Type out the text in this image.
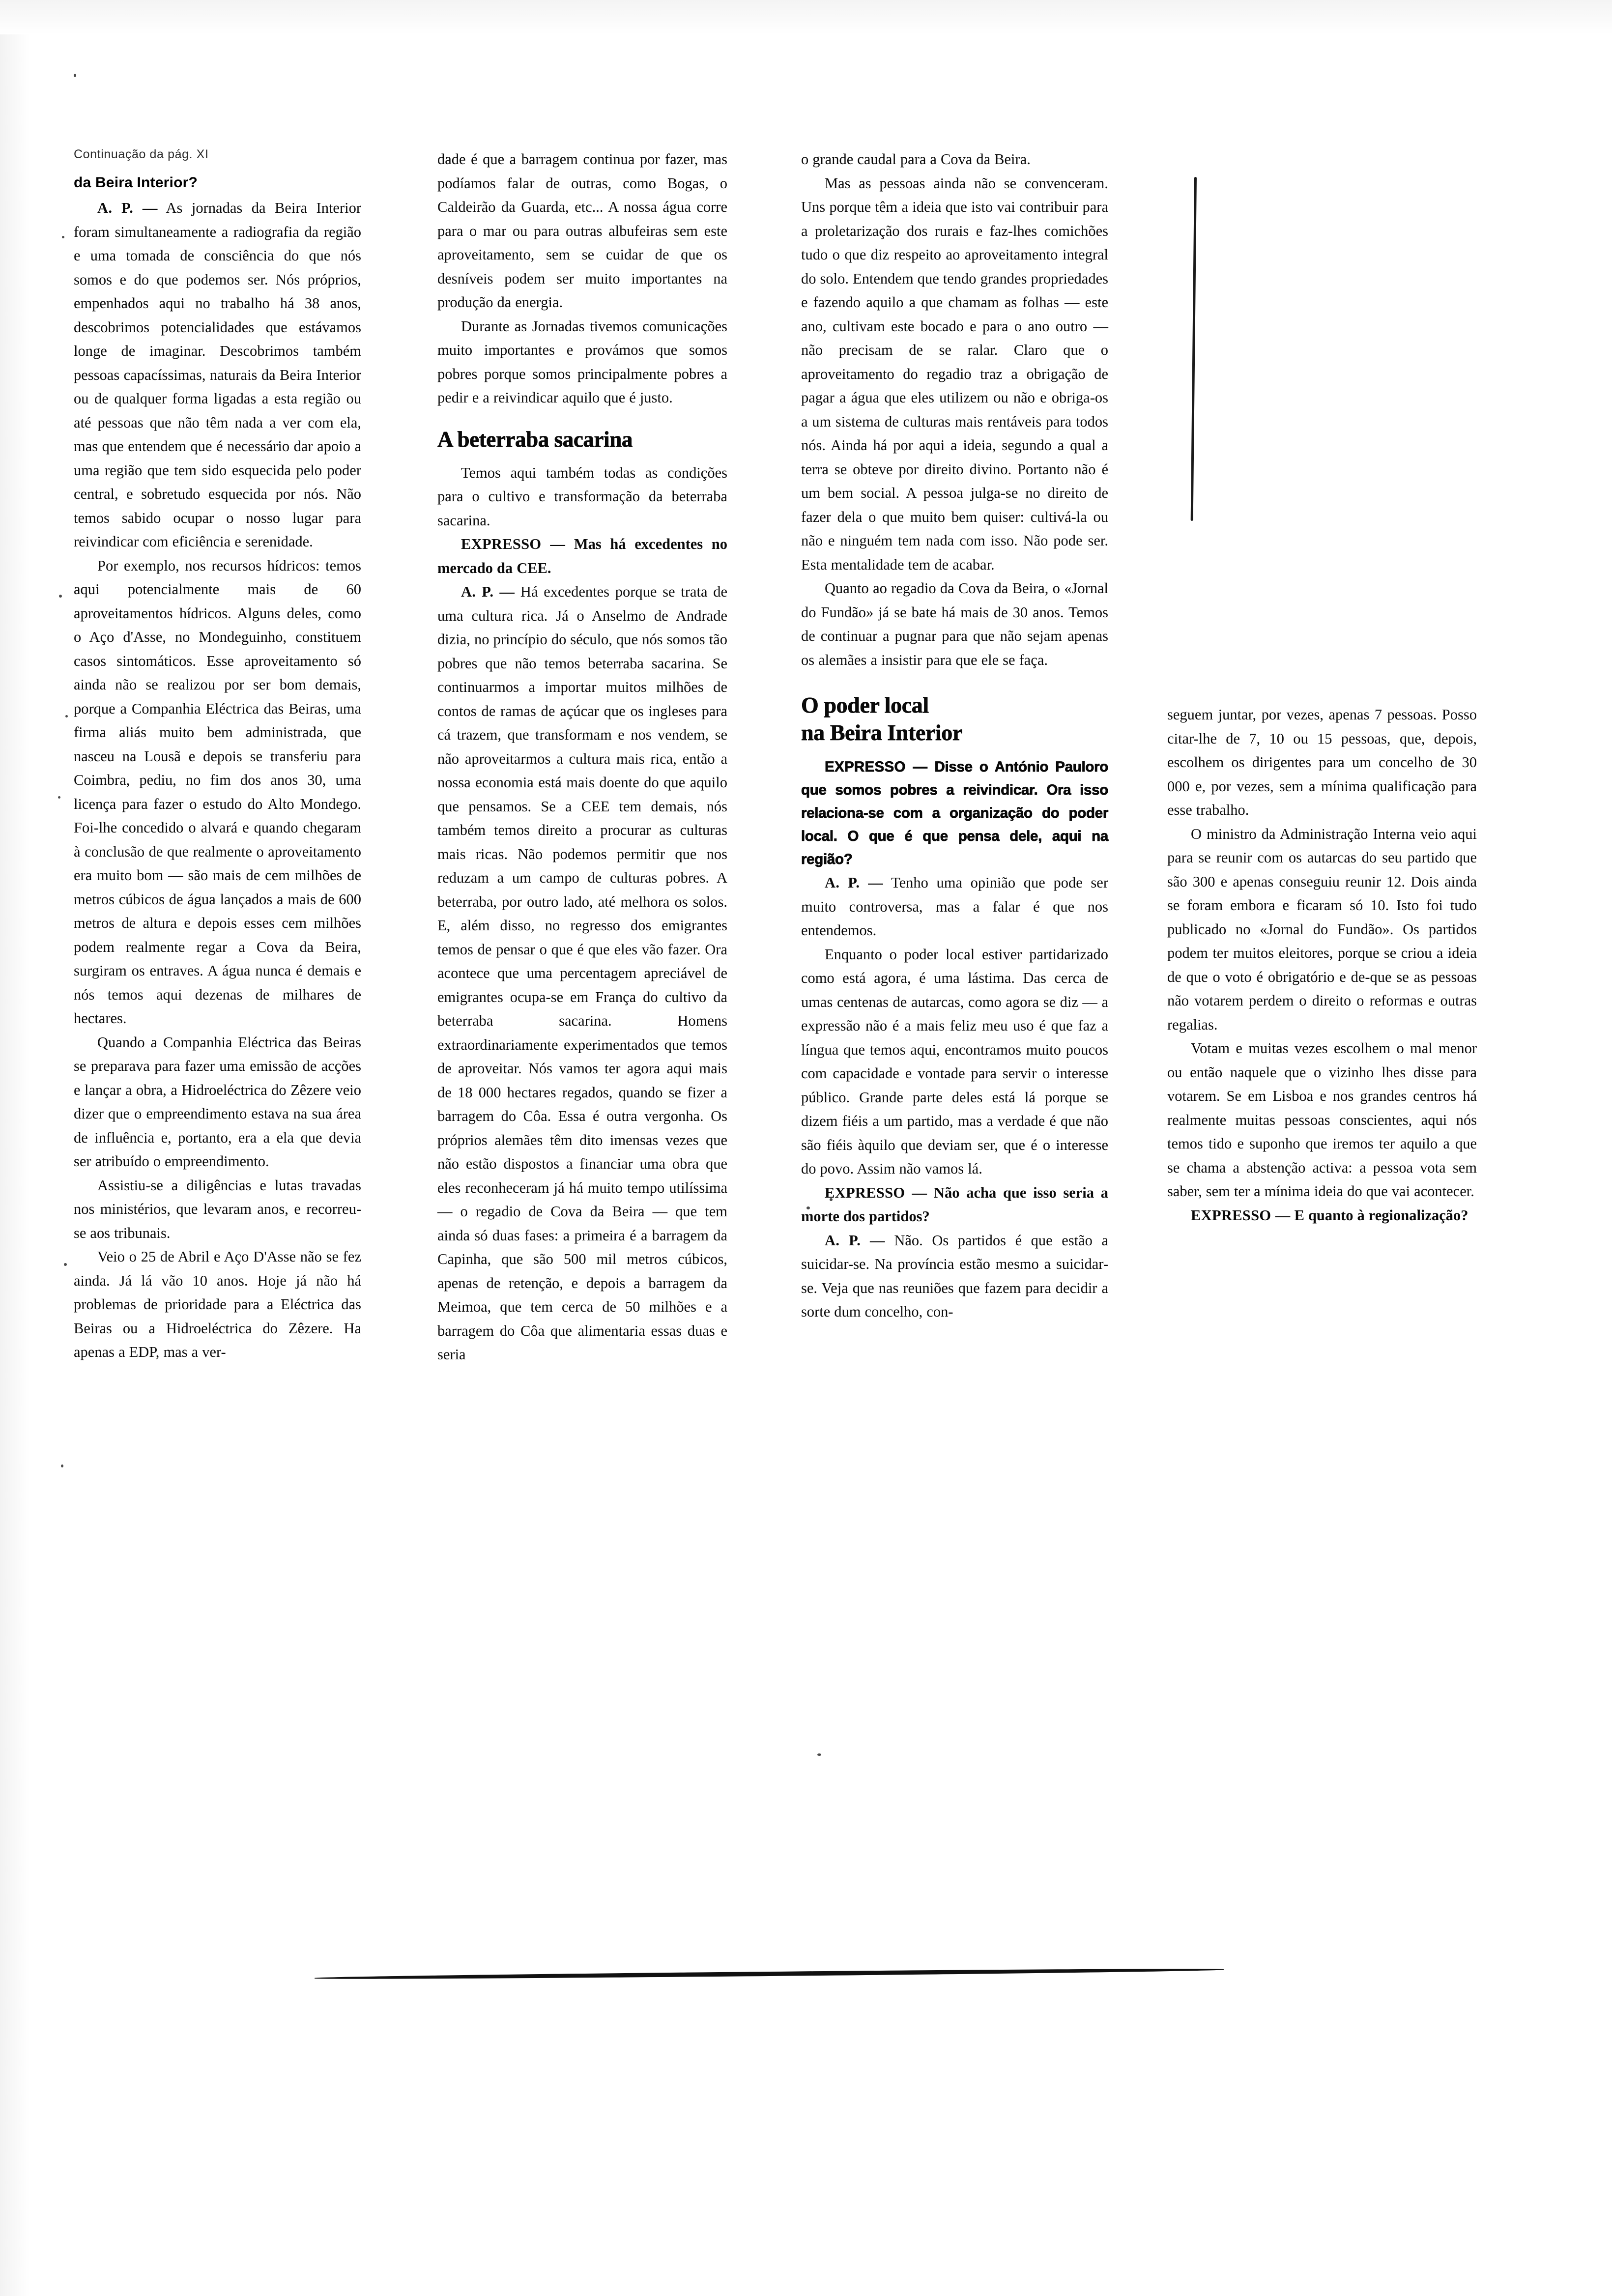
Continuação da pág. XI
da Beira Interior?

A. P. — As jornadas da Beira Interior foram simultaneamente a radiografia da região e uma tomada de consciência do que nós somos e do que podemos ser. Nós próprios, empenhados aqui no trabalho há 38 anos, descobrimos potencialidades que estávamos longe de imaginar. Descobrimos também pessoas capacíssimas, naturais da Beira Interior ou de qualquer forma ligadas a esta região ou até pessoas que não têm nada a ver com ela, mas que entendem que é necessário dar apoio a uma região que tem sido esquecida pelo poder central, e sobretudo esquecida por nós. Não temos sabido ocupar o nosso lugar para reivindicar com eficiência e serenidade.

Por exemplo, nos recursos hídricos: temos aqui potencialmente mais de 60 aproveitamentos hídricos. Alguns deles, como o Aço d'Asse, no Mondeguinho, constituem casos sintomáticos. Esse aproveitamento só ainda não se realizou por ser bom demais, porque a Companhia Eléctrica das Beiras, uma firma aliás muito bem administrada, que nasceu na Lousã e depois se transferiu para Coimbra, pediu, no fim dos anos 30, uma licença para fazer o estudo do Alto Mondego. Foi-lhe concedido o alvará e quando chegaram à conclusão de que realmente o aproveitamento era muito bom — são mais de cem milhões de metros cúbicos de água lançados a mais de 600 metros de altura e depois esses cem milhões podem realmente regar a Cova da Beira, surgiram os entraves. A água nunca é demais e nós temos aqui dezenas de milhares de hectares.

Quando a Companhia Eléctrica das Beiras se preparava para fazer uma emissão de acções e lançar a obra, a Hidroeléctrica do Zêzere veio dizer que o empreendimento estava na sua área de influência e, portanto, era a ela que devia ser atribuído o empreendimento.

Assistiu-se a diligências e lutas travadas nos ministérios, que levaram anos, e recorreu-se aos tribunais.

Veio o 25 de Abril e Aço D'Asse não se fez ainda. Já lá vão 10 anos. Hoje já não há problemas de prioridade para a Eléctrica das Beiras ou a Hidroeléctrica do Zêzere. Ha apenas a EDP, mas a ver-

dade é que a barragem continua por fazer, mas podíamos falar de outras, como Bogas, o Caldeirão da Guarda, etc... A nossa água corre para o mar ou para outras albufeiras sem este aproveitamento, sem se cuidar de que os desníveis podem ser muito importantes na produção da energia.

Durante as Jornadas tivemos comunicações muito importantes e provámos que somos pobres porque somos principalmente pobres a pedir e a reivindicar aquilo que é justo.

A beterraba sacarina

Temos aqui também todas as condições para o cultivo e transformação da beterraba sacarina.

EXPRESSO — Mas há excedentes no mercado da CEE.

A. P. — Há excedentes porque se trata de uma cultura rica. Já o Anselmo de Andrade dizia, no princípio do século, que nós somos tão pobres que não temos beterraba sacarina. Se continuarmos a importar muitos milhões de contos de ramas de açúcar que os ingleses para cá trazem, que transformam e nos vendem, se não aproveitarmos a cultura mais rica, então a nossa economia está mais doente do que aquilo que pensamos. Se a CEE tem demais, nós também temos direito a procurar as culturas mais ricas. Não podemos permitir que nos reduzam a um campo de culturas pobres. A beterraba, por outro lado, até melhora os solos. E, além disso, no regresso dos emigrantes temos de pensar o que é que eles vão fazer. Ora acontece que uma percentagem apreciável de emigrantes ocupa-se em França do cultivo da beterraba sacarina. Homens extraordinariamente experimentados que temos de aproveitar. Nós vamos ter agora aqui mais de 18 000 hectares regados, quando se fizer a barragem do Côa. Essa é outra vergonha. Os próprios alemães têm dito imensas vezes que não estão dispostos a financiar uma obra que eles reconheceram já há muito tempo utilíssima — o regadio de Cova da Beira — que tem ainda só duas fases: a primeira é a barragem da Capinha, que são 500 mil metros cúbicos, apenas de retenção, e depois a barragem da Meimoa, que tem cerca de 50 milhões e a barragem do Côa que alimentaria essas duas e seria

o grande caudal para a Cova da Beira.

Mas as pessoas ainda não se convenceram. Uns porque têm a ideia que isto vai contribuir para a proletarização dos rurais e faz-lhes comichões tudo o que diz respeito ao aproveitamento integral do solo. Entendem que tendo grandes propriedades e fazendo aquilo a que chamam as folhas — este ano, cultivam este bocado e para o ano outro — não precisam de se ralar. Claro que o aproveitamento do regadio traz a obrigação de pagar a água que eles utilizem ou não e obriga-os a um sistema de culturas mais rentáveis para todos nós. Ainda há por aqui a ideia, segundo a qual a terra se obteve por direito divino. Portanto não é um bem social. A pessoa julga-se no direito de fazer dela o que muito bem quiser: cultivá-la ou não e ninguém tem nada com isso. Não pode ser. Esta mentalidade tem de acabar.

Quanto ao regadio da Cova da Beira, o «Jornal do Fundão» já se bate há mais de 30 anos. Temos de continuar a pugnar para que não sejam apenas os alemães a insistir para que ele se faça.

O poder local
na Beira Interior

EXPRESSO — Disse o António Pauloro que somos pobres a reivindicar. Ora isso relaciona-se com a organização do poder local. O que é que pensa dele, aqui na região?

A. P. — Tenho uma opinião que pode ser muito controversa, mas a falar é que nos entendemos.

Enquanto o poder local estiver partidarizado como está agora, é uma lástima. Das cerca de umas centenas de autarcas, como agora se diz — a expressão não é a mais feliz meu uso é que faz a língua que temos aqui, encontramos muito poucos com capacidade e vontade para servir o interesse público. Grande parte deles está lá porque se dizem fiéis a um partido, mas a verdade é que não são fiéis àquilo que deviam ser, que é o interesse do povo. Assim não vamos lá.

EXPRESSO — Não acha que isso seria a morte dos partidos?

A. P. — Não. Os partidos é que estão a suicidar-se. Na província estão mesmo a suicidar-se. Veja que nas reuniões que fazem para decidir a sorte dum concelho, con-

seguem juntar, por vezes, apenas 7 pessoas. Posso citar-lhe de 7, 10 ou 15 pessoas, que, depois, escolhem os dirigentes para um concelho de 30 000 e, por vezes, sem a mínima qualificação para esse trabalho.

O ministro da Administração Interna veio aqui para se reunir com os autarcas do seu partido que são 300 e apenas conseguiu reunir 12. Dois ainda se foram embora e ficaram só 10. Isto foi tudo publicado no «Jornal do Fundão». Os partidos podem ter muitos eleitores, porque se criou a ideia de que o voto é obrigatório e de-que se as pessoas não votarem perdem o direito o reformas e outras regalias.

Votam e muitas vezes escolhem o mal menor ou então naquele que o vizinho lhes disse para votarem. Se em Lisboa e nos grandes centros há realmente muitas pessoas conscientes, aqui nós temos tido e suponho que iremos ter aquilo a que se chama a abstenção activa: a pessoa vota sem saber, sem ter a mínima ideia do que vai acontecer.

EXPRESSO — E quanto à regionalização?
